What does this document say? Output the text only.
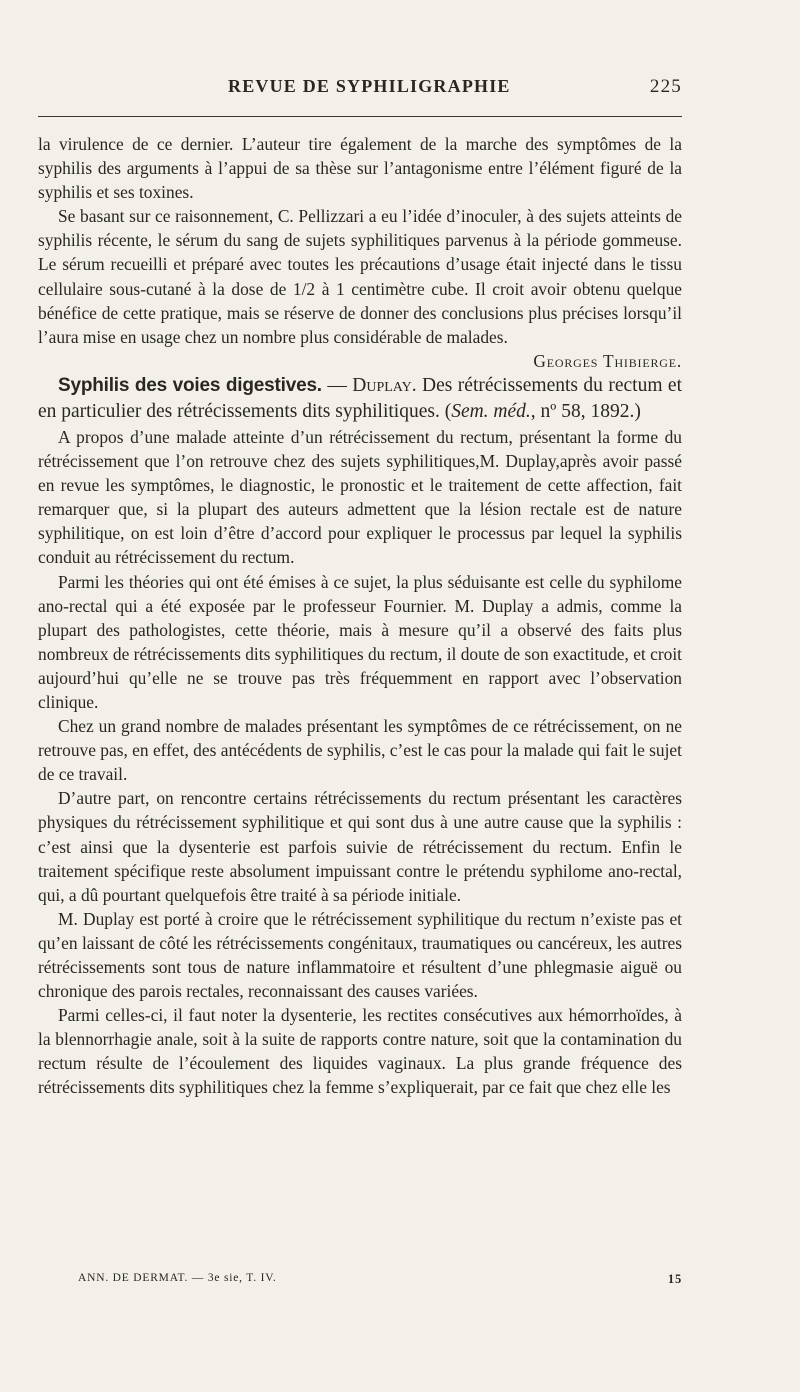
REVUE DE SYPHILIGRAPHIE	225

la virulence de ce dernier. L’auteur tire également de la marche des symptômes de la syphilis des arguments à l’appui de sa thèse sur l’antagonisme entre l’élément figuré de la syphilis et ses toxines.

Se basant sur ce raisonnement, C. Pellizzari a eu l’idée d’inoculer, à des sujets atteints de syphilis récente, le sérum du sang de sujets syphilitiques parvenus à la période gommeuse. Le sérum recueilli et préparé avec toutes les précautions d’usage était injecté dans le tissu cellulaire sous-cutané à la dose de 1/2 à 1 centimètre cube. Il croit avoir obtenu quelque bénéfice de cette pratique, mais se réserve de donner des conclusions plus précises lorsqu’il l’aura mise en usage chez un nombre plus considérable de malades.

Georges Thibierge.

Syphilis des voies digestives. — Duplay. Des rétrécissements du rectum et en particulier des rétrécissements dits syphilitiques. (Sem. méd., nº 58, 1892.)

A propos d’une malade atteinte d’un rétrécissement du rectum, présentant la forme du rétrécissement que l’on retrouve chez des sujets syphilitiques,M. Duplay,après avoir passé en revue les symptômes, le diagnostic, le pronostic et le traitement de cette affection, fait remarquer que, si la plupart des auteurs admettent que la lésion rectale est de nature syphilitique, on est loin d’être d’accord pour expliquer le processus par lequel la syphilis conduit au rétrécissement du rectum.

Parmi les théories qui ont été émises à ce sujet, la plus séduisante est celle du syphilome ano-rectal qui a été exposée par le professeur Fournier. M. Duplay a admis, comme la plupart des pathologistes, cette théorie, mais à mesure qu’il a observé des faits plus nombreux de rétrécissements dits syphilitiques du rectum, il doute de son exactitude, et croit aujourd’hui qu’elle ne se trouve pas très fréquemment en rapport avec l’observation clinique.

Chez un grand nombre de malades présentant les symptômes de ce rétrécissement, on ne retrouve pas, en effet, des antécédents de syphilis, c’est le cas pour la malade qui fait le sujet de ce travail.

D’autre part, on rencontre certains rétrécissements du rectum présentant les caractères physiques du rétrécissement syphilitique et qui sont dus à une autre cause que la syphilis : c’est ainsi que la dysenterie est parfois suivie de rétrécissement du rectum. Enfin le traitement spécifique reste absolument impuissant contre le prétendu syphilome ano-rectal, qui, a dû pourtant quelquefois être traité à sa période initiale.

M. Duplay est porté à croire que le rétrécissement syphilitique du rectum n’existe pas et qu’en laissant de côté les rétrécissements congénitaux, traumatiques ou cancéreux, les autres rétrécissements sont tous de nature inflammatoire et résultent d’une phlegmasie aiguë ou chronique des parois rectales, reconnaissant des causes variées.

Parmi celles-ci, il faut noter la dysenterie, les rectites consécutives aux hémorrhoïdes, à la blennorrhagie anale, soit à la suite de rapports contre nature, soit que la contamination du rectum résulte de l’écoulement des liquides vaginaux. La plus grande fréquence des rétrécissements dits syphilitiques chez la femme s’expliquerait, par ce fait que chez elle les

ANN. DE DERMAT. — 3e sie, T. IV.	15
